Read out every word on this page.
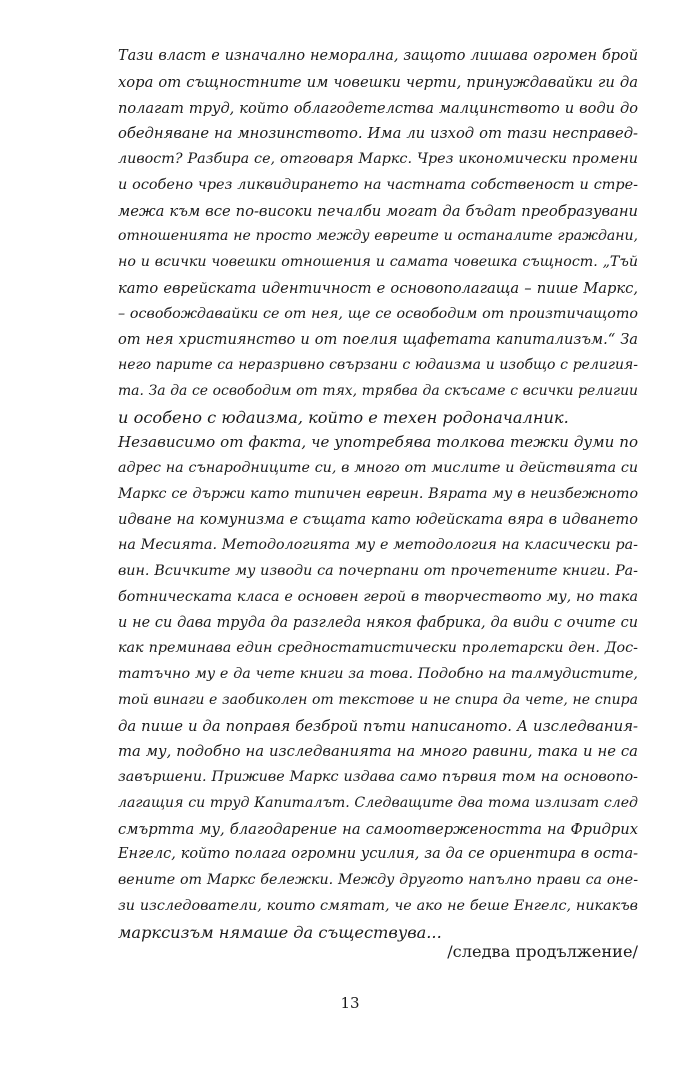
Тази власт е изначално неморална, защото лишава огромен брой
хора от същностните им човешки черти, принуждавайки ги да
полагат труд, който облагодетелства малцинството и води до
обедняване на мнозинството. Има ли изход от тази несправед-
ливост? Разбира се, отговаря Маркс. Чрез икономически промени
и особено чрез ликвидирането на частната собственост и стре-
межа към все по-високи печалби могат да бъдат преобразувани
отношенията не просто между евреите и останалите граждани,
но и всички човешки отношения и самата човешка същност. „Тъй
като еврейската идентичност е основополагаща – пише Маркс,
– освобождавайки се от нея, ще се освободим от произтичащото
от нея християнство и от поелия щафетата капитализъм.“ За
него парите са неразривно свързани с юдаизма и изобщо с религия-
та. За да се освободим от тях, трябва да скъсаме с всички религии
и особено с юдаизма, който е техен родоначалник.
Независимо от факта, че употребява толкова тежки думи по
адрес на сънародниците си, в много от мислите и действията си
Маркс се държи като типичен евреин. Вярата му в неизбежното
идване на комунизма е същата като юдейската вяра в идването
на Месията. Методологията му е методология на класически ра-
вин. Всичките му изводи са почерпани от прочетените книги. Ра-
ботническата класа е основен герой в творчеството му, но така
и не си дава труда да разгледа някоя фабрика, да види с очите си
как преминава един средностатистически пролетарски ден. Дос-
татъчно му е да чете книги за това. Подобно на талмудистите,
той винаги е заобиколен от текстове и не спира да чете, не спира
да пише и да поправя безброй пъти написаното. А изследвания-
та му, подобно на изследванията на много равини, така и не са
завършени. Приживе Маркс издава само първия том на основопо-
лагащия си труд Капиталът. Следващите два тома излизат след
смъртта му, благодарение на самоотвержеността на Фридрих
Енгелс, който полага огромни усилия, за да се ориентира в оста-
вените от Маркс бележки. Между другото напълно прави са оне-
зи изследователи, които смятат, че ако не беше Енгелс, никакъв
марксизъм нямаше да съществува...
/следва продължение/
13
